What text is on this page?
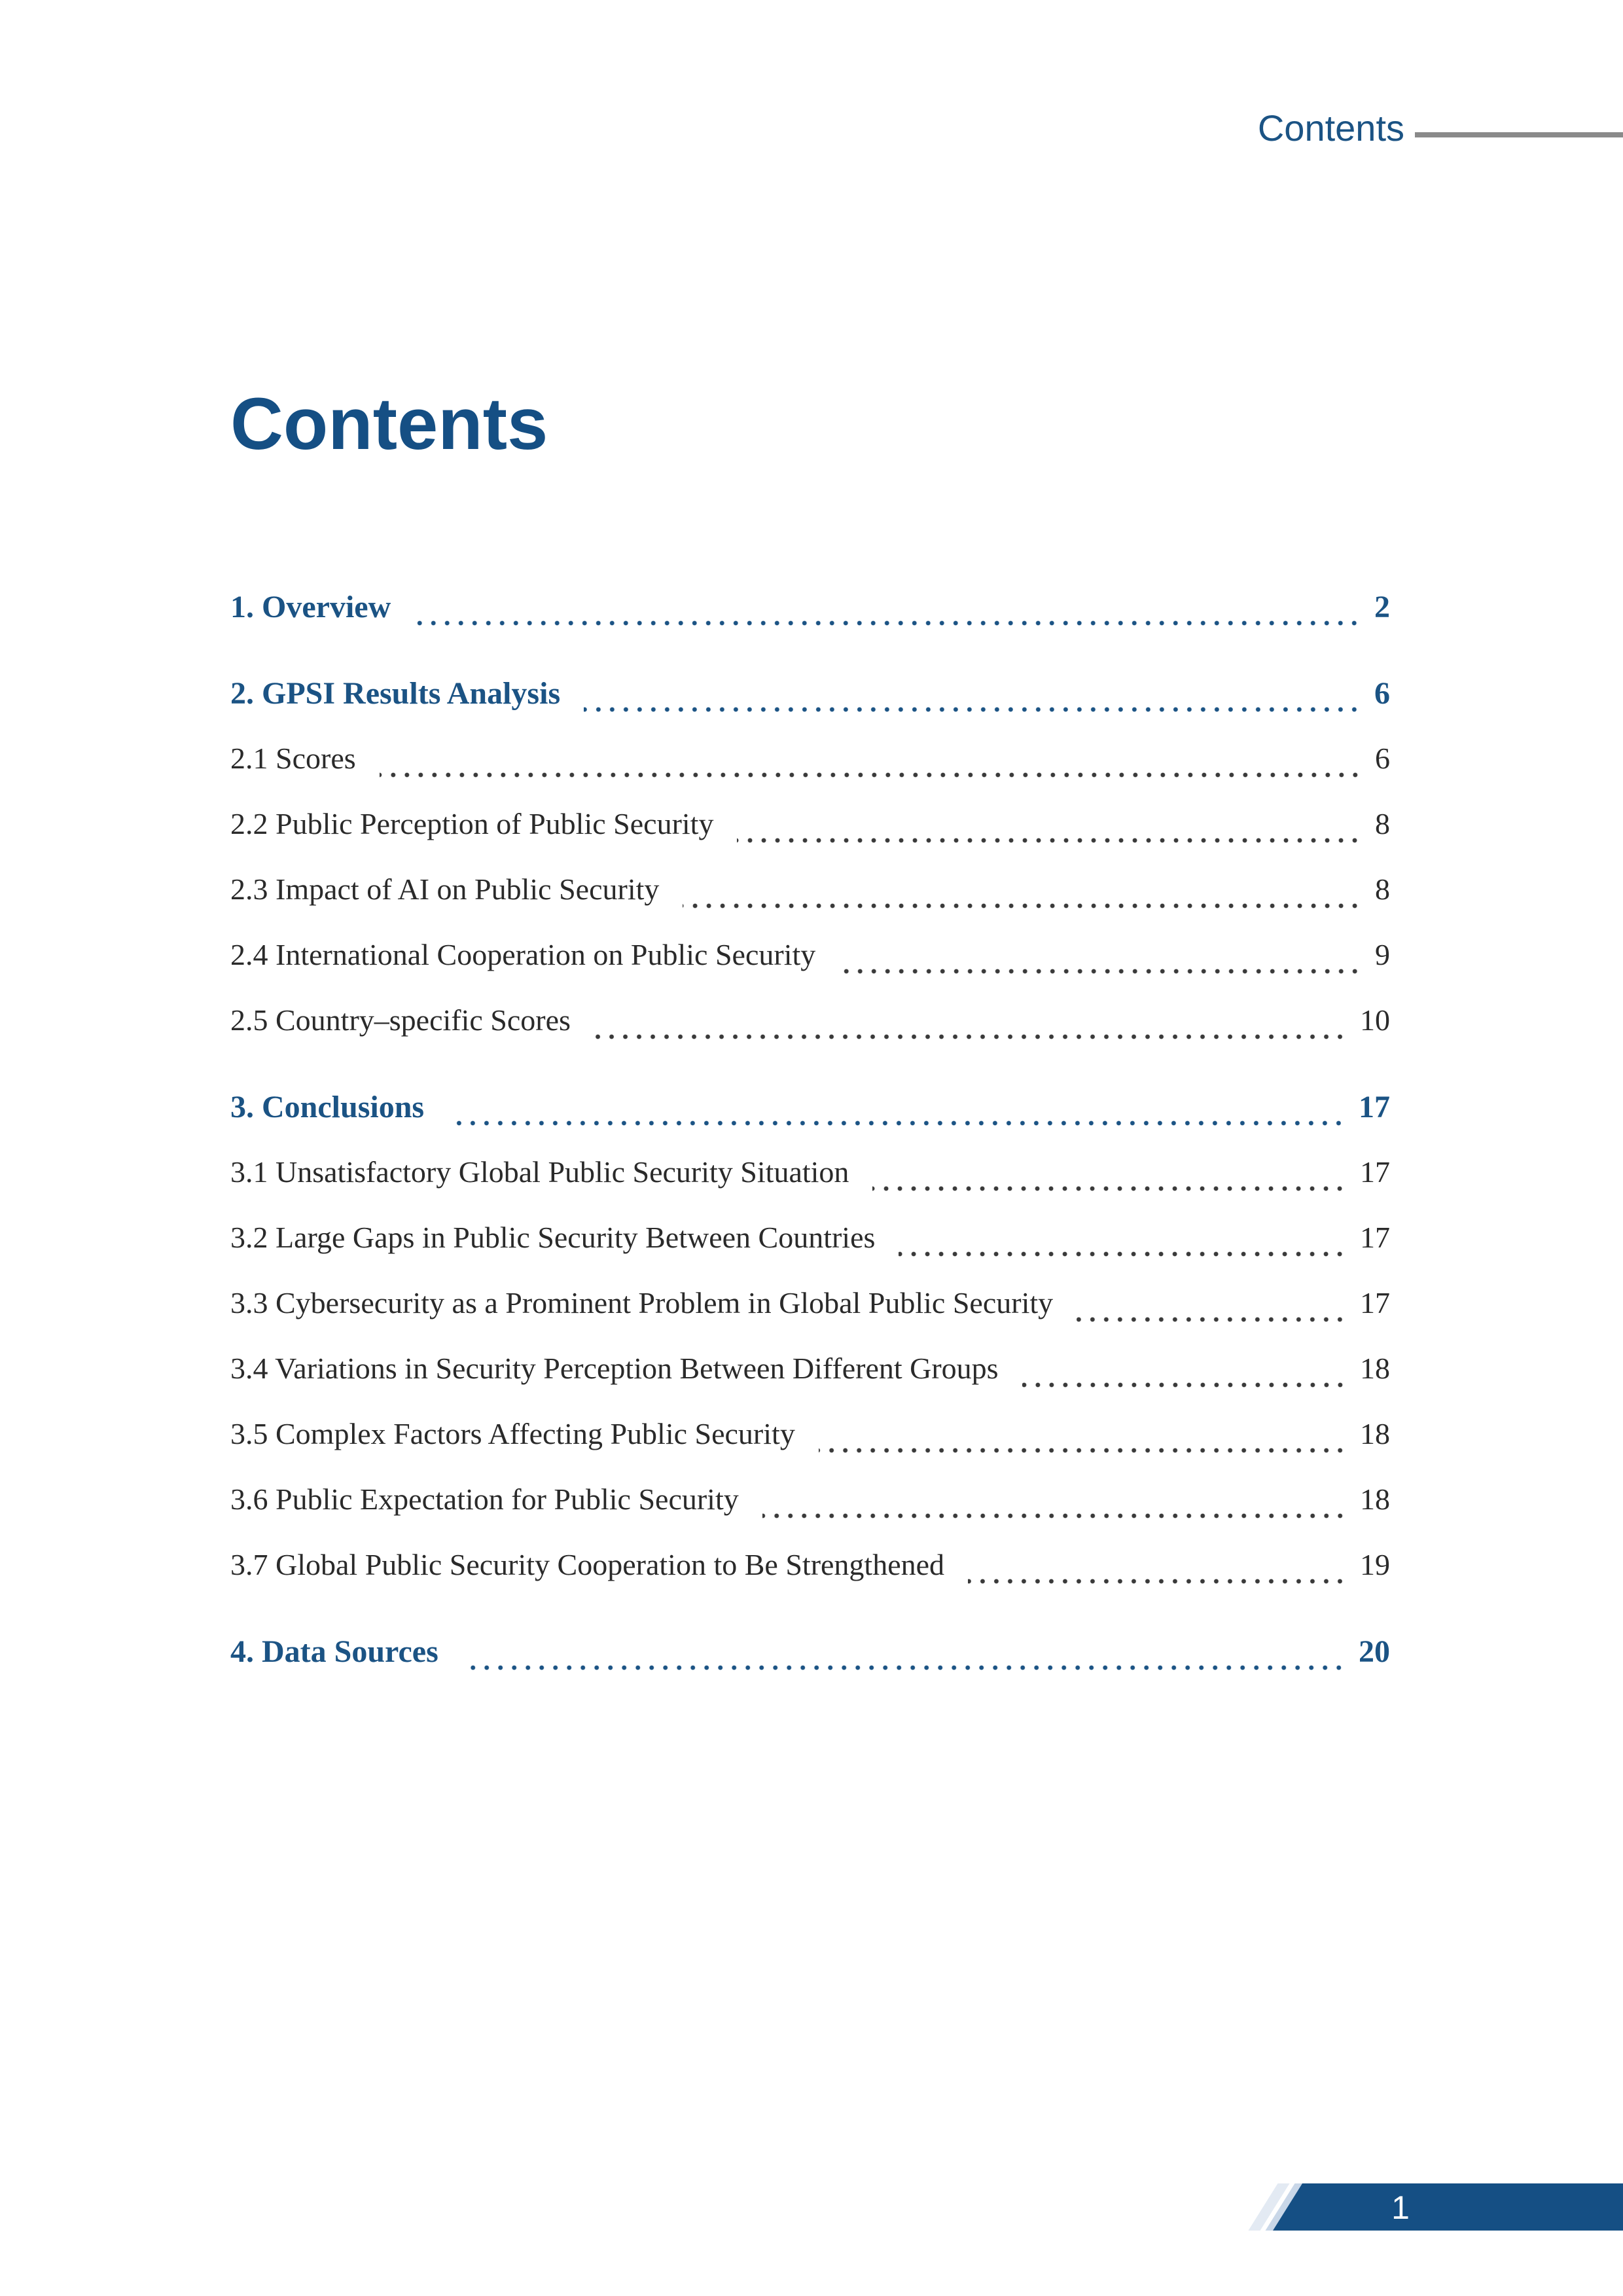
Contents
Contents
1. Overview	2
2. GPSI Results Analysis	6
2.1 Scores	6
2.2 Public Perception of Public Security	8
2.3 Impact of AI on Public Security	8
2.4 International Cooperation on Public Security	9
2.5 Country–specific Scores	10
3. Conclusions	17
3.1 Unsatisfactory Global Public Security Situation	17
3.2 Large Gaps in Public Security Between Countries	17
3.3 Cybersecurity as a Prominent Problem in Global Public Security	17
3.4 Variations in Security Perception Between Different Groups	18
3.5 Complex Factors Affecting Public Security	18
3.6 Public Expectation for Public Security	18
3.7 Global Public Security Cooperation to Be Strengthened	19
4. Data Sources	20
1
